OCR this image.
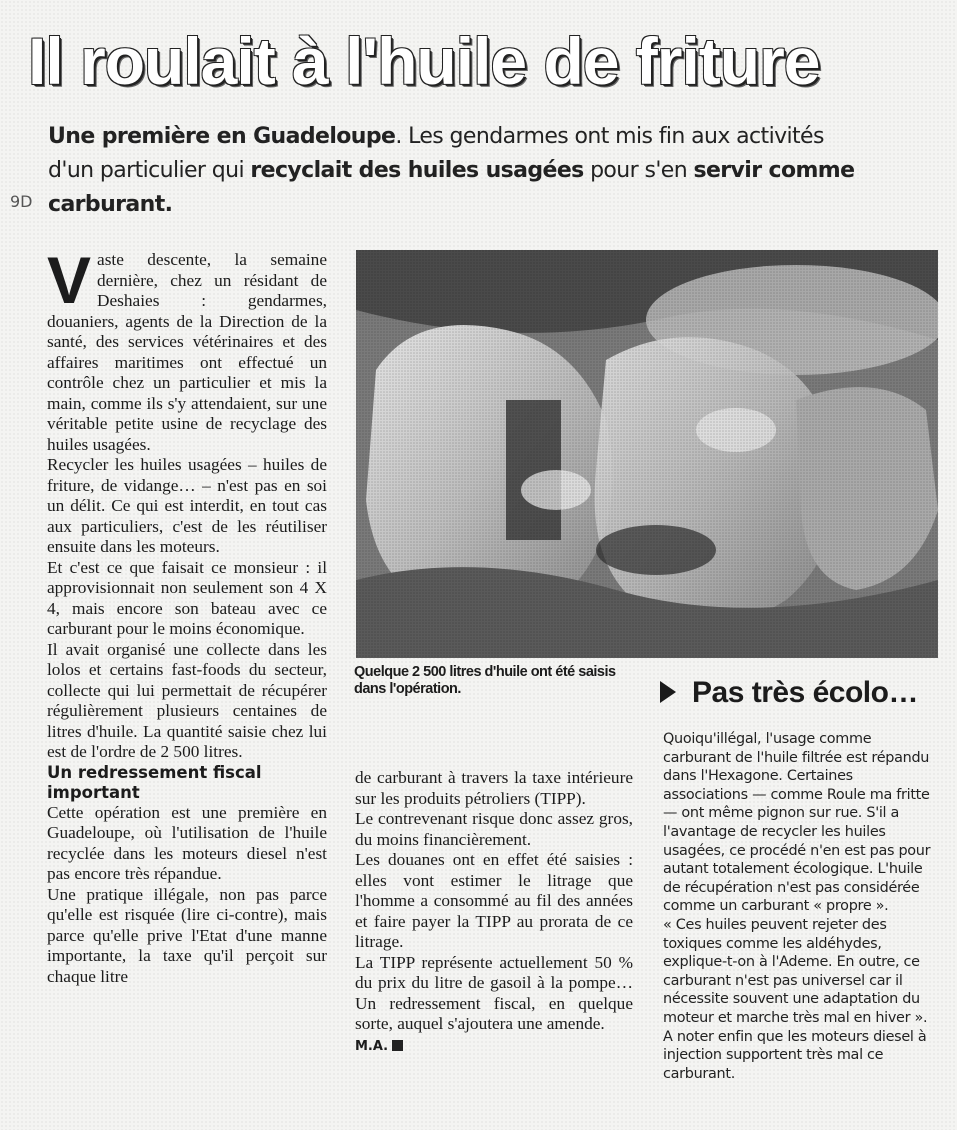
Il roulait à l'huile de friture
Une première en Guadeloupe. Les gendarmes ont mis fin aux activités d'un particulier qui recyclait des huiles usagées pour s'en servir comme carburant.
9D

Vaste descente, la semaine dernière, chez un résidant de Deshaies : gendarmes, douaniers, agents de la Direction de la santé, des services vétérinaires et des affaires maritimes ont effectué un contrôle chez un particulier et mis la main, comme ils s'y attendaient, sur une véritable petite usine de recyclage des huiles usagées.

Recycler les huiles usagées – huiles de friture, de vidange… – n'est pas en soi un délit. Ce qui est interdit, en tout cas aux particuliers, c'est de les réutiliser ensuite dans les moteurs.

Et c'est ce que faisait ce monsieur : il approvisionnait non seulement son 4 X 4, mais encore son bateau avec ce carburant pour le moins économique.

Il avait organisé une collecte dans les lolos et certains fast-foods du secteur, collecte qui lui permettait de récupérer régulièrement plusieurs centaines de litres d'huile. La quantité saisie chez lui est de l'ordre de 2 500 litres.

Un redressement fiscal important

Cette opération est une première en Guadeloupe, où l'utilisation de l'huile recyclée dans les moteurs diesel n'est pas encore très répandue.

Une pratique illégale, non pas parce qu'elle est risquée (lire ci-contre), mais parce qu'elle prive l'Etat d'une manne importante, la taxe qu'il perçoit sur chaque litre

Quelque 2 500 litres d'huile ont été saisis dans l'opération.

de carburant à travers la taxe intérieure sur les produits pétroliers (TIPP).

Le contrevenant risque donc assez gros, du moins financièrement.

Les douanes ont en effet été saisies : elles vont estimer le litrage que l'homme a consommé au fil des années et faire payer la TIPP au prorata de ce litrage.

La TIPP représente actuellement 50 % du prix du litre de gasoil à la pompe… Un redressement fiscal, en quelque sorte, auquel s'ajoutera une amende.

M.A.

Pas très écolo…

Quoiqu'illégal, l'usage comme carburant de l'huile filtrée est répandu dans l'Hexagone. Certaines associations — comme Roule ma fritte — ont même pignon sur rue. S'il a l'avantage de recycler les huiles usagées, ce procédé n'en est pas pour autant totalement écologique. L'huile de récupération n'est pas considérée comme un carburant « propre ».

« Ces huiles peuvent rejeter des toxiques comme les aldéhydes, explique-t-on à l'Ademe. En outre, ce carburant n'est pas universel car il nécessite souvent une adaptation du moteur et marche très mal en hiver ». A noter enfin que les moteurs diesel à injection supportent très mal ce carburant.
